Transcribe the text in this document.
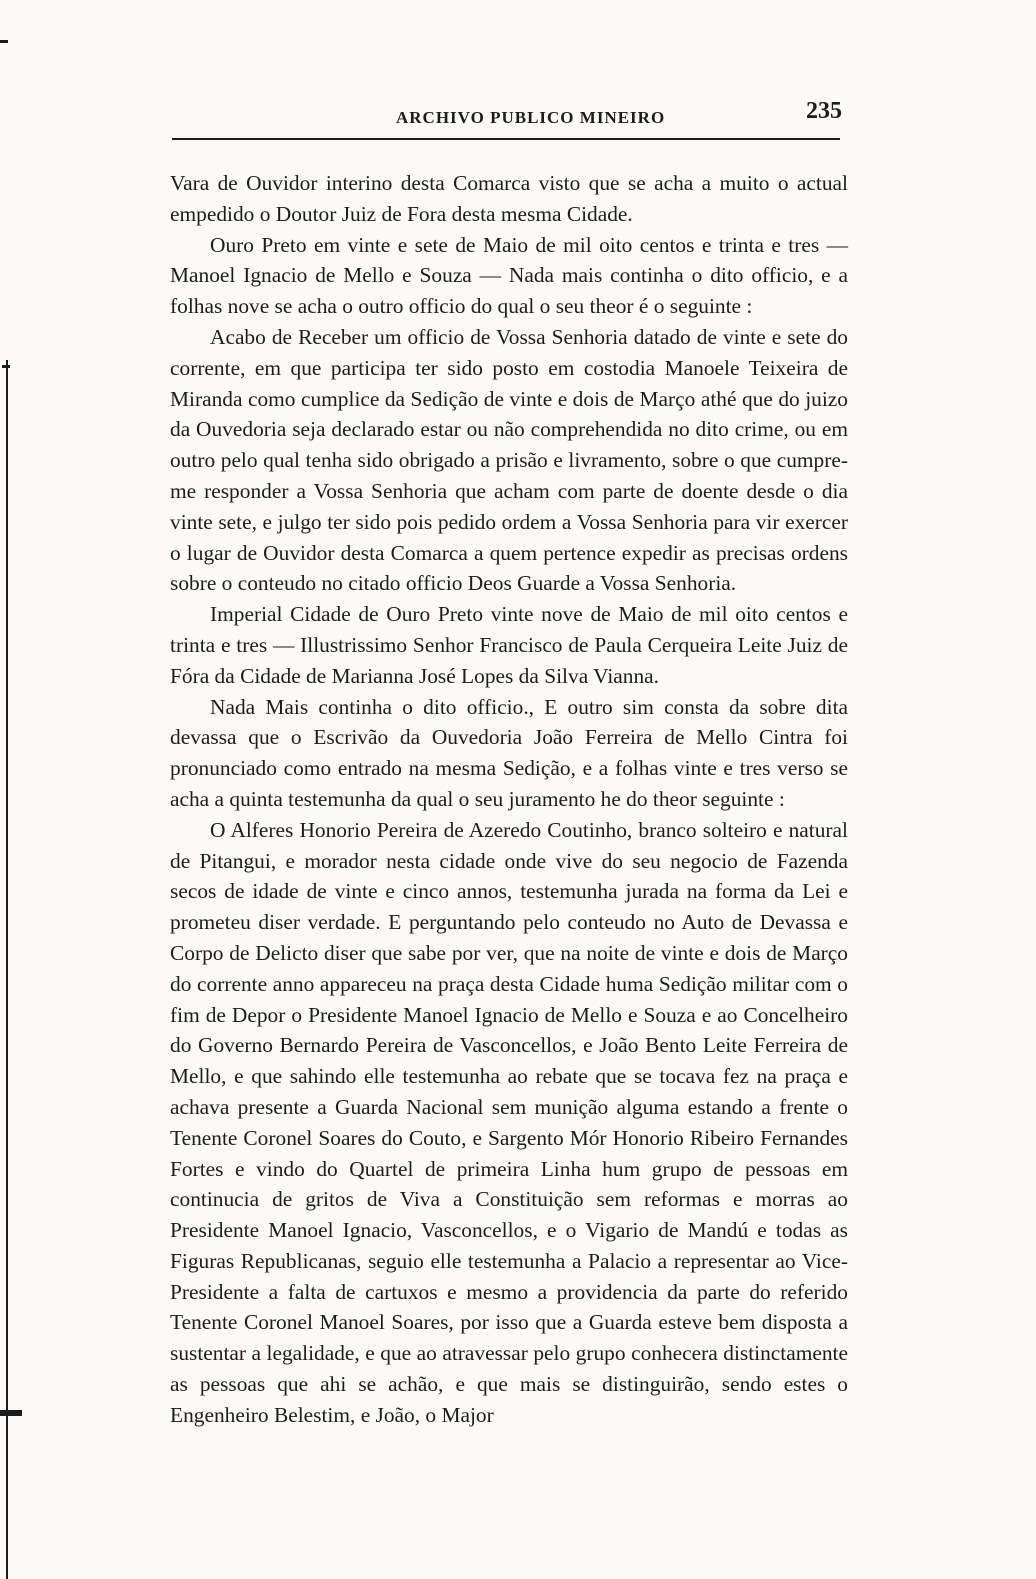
ARCHIVO PUBLICO MINEIRO	235

Vara de Ouvidor interino desta Comarca visto que se acha a muito o actual empedido o Doutor Juiz de Fora desta mesma Cidade.

Ouro Preto em vinte e sete de Maio de mil oito centos e trinta e tres — Manoel Ignacio de Mello e Souza — Nada mais continha o dito officio, e a folhas nove se acha o outro officio do qual o seu theor é o seguinte :

Acabo de Receber um officio de Vossa Senhoria datado de vinte e sete do corrente, em que participa ter sido posto em costodia Manoele Teixeira de Miranda como cumplice da Sedição de vinte e dois de Março athé que do juizo da Ouvedoria seja declarado estar ou não comprehendida no dito crime, ou em outro pelo qual tenha sido obrigado a prisão e livramento, sobre o que cumpre-me responder a Vossa Senhoria que acham com parte de doente desde o dia vinte sete, e julgo ter sido pois pedido ordem a Vossa Senhoria para vir exercer o lugar de Ouvidor desta Comarca a quem pertence expedir as precisas ordens sobre o conteudo no citado officio Deos Guarde a Vossa Senhoria.

Imperial Cidade de Ouro Preto vinte nove de Maio de mil oito centos e trinta e tres — Illustrissimo Senhor Francisco de Paula Cerqueira Leite Juiz de Fóra da Cidade de Marianna José Lopes da Silva Vianna.

Nada Mais continha o dito officio., E outro sim consta da sobre dita devassa que o Escrivão da Ouvedoria João Ferreira de Mello Cintra foi pronunciado como entrado na mesma Sedição, e a folhas vinte e tres verso se acha a quinta testemunha da qual o seu juramento he do theor seguinte :

O Alferes Honorio Pereira de Azeredo Coutinho, branco solteiro e natural de Pitangui, e morador nesta cidade onde vive do seu negocio de Fazenda secos de idade de vinte e cinco annos, testemunha jurada na forma da Lei e prometeu diser verdade. E perguntando pelo conteudo no Auto de Devassa e Corpo de Delicto diser que sabe por ver, que na noite de vinte e dois de Março do corrente anno appareceu na praça desta Cidade huma Sedição militar com o fim de Depor o Presidente Manoel Ignacio de Mello e Souza e ao Concelheiro do Governo Bernardo Pereira de Vasconcellos, e João Bento Leite Ferreira de Mello, e que sahindo elle testemunha ao rebate que se tocava fez na praça e achava presente a Guarda Nacional sem munição alguma estando a frente o Tenente Coronel Soares do Couto, e Sargento Mór Honorio Ribeiro Fernandes Fortes e vindo do Quartel de primeira Linha hum grupo de pessoas em continucia de gritos de Viva a Constituição sem reformas e morras ao Presidente Manoel Ignacio, Vasconcellos, e o Vigario de Mandú e todas as Figuras Republicanas, seguio elle testemunha a Palacio a representar ao Vice-Presidente a falta de cartuxos e mesmo a providencia da parte do referido Tenente Coronel Manoel Soares, por isso que a Guarda esteve bem disposta a sustentar a legalidade, e que ao atravessar pelo grupo conhecera distinctamente as pessoas que ahi se achão, e que mais se distinguirão, sendo estes o Engenheiro Belestim, e João, o Major
